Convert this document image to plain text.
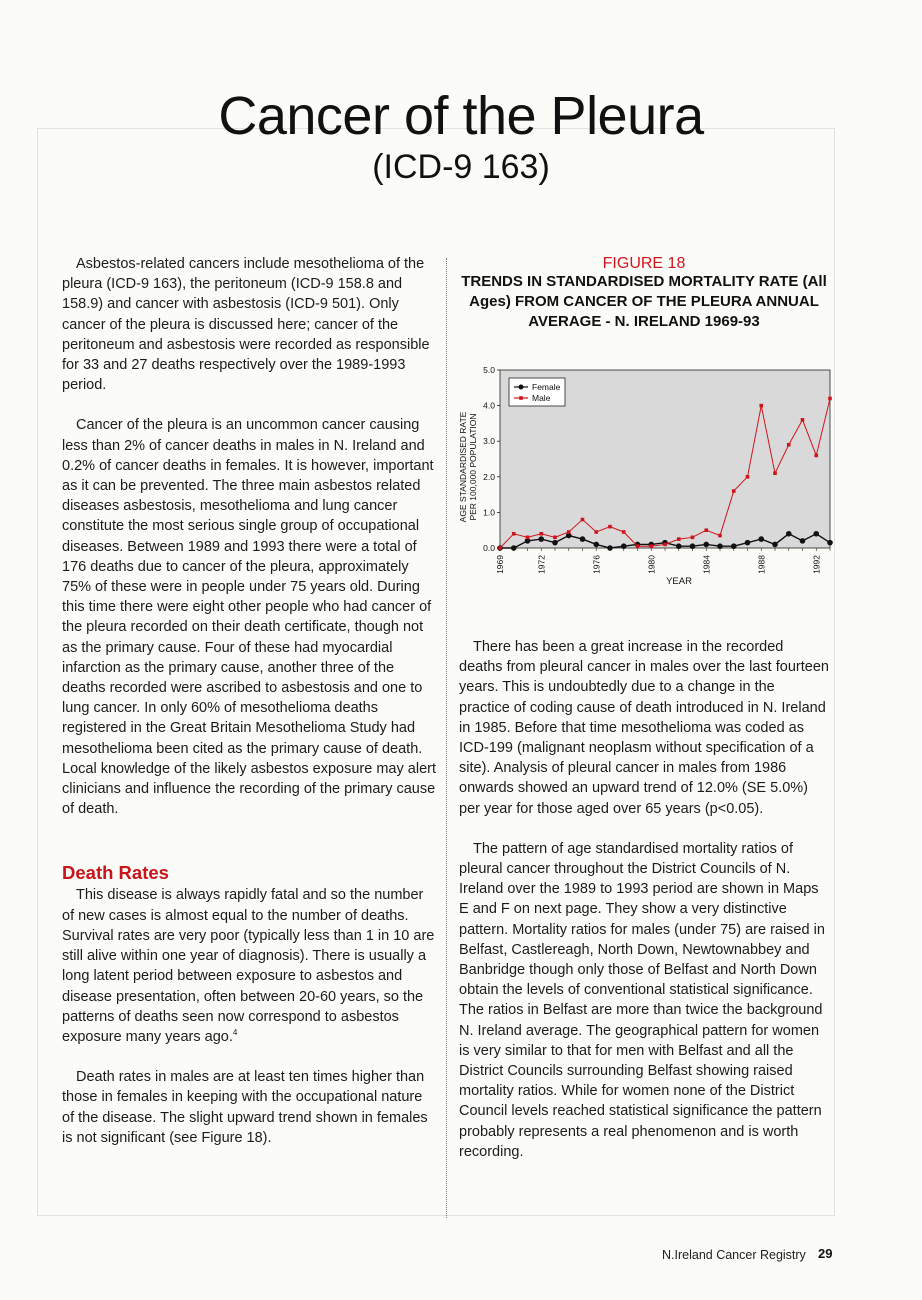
Cancer of the Pleura
(ICD-9 163)

Asbestos-related cancers include mesothelioma of the pleura (ICD-9 163), the peritoneum (ICD-9 158.8 and 158.9) and cancer with asbestosis (ICD-9 501). Only cancer of the pleura is discussed here; cancer of the peritoneum and asbestosis were recorded as responsible for 33 and 27 deaths respectively over the 1989-1993 period.

Cancer of the pleura is an uncommon cancer causing less than 2% of cancer deaths in males in N. Ireland and 0.2% of cancer deaths in females. It is however, important as it can be prevented. The three main asbestos related diseases asbestosis, mesothelioma and lung cancer constitute the most serious single group of occupational diseases. Between 1989 and 1993 there were a total of 176 deaths due to cancer of the pleura, approximately 75% of these were in people under 75 years old. During this time there were eight other people who had cancer of the pleura recorded on their death certificate, though not as the primary cause. Four of these had myocardial infarction as the primary cause, another three of the deaths recorded were ascribed to asbestosis and one to lung cancer. In only 60% of mesothelioma deaths registered in the Great Britain Mesothelioma Study had mesothelioma been cited as the primary cause of death. Local knowledge of the likely asbestos exposure may alert clinicians and influence the recording of the primary cause of death.

Death Rates

This disease is always rapidly fatal and so the number of new cases is almost equal to the number of deaths. Survival rates are very poor (typically less than 1 in 10 are still alive within one year of diagnosis). There is usually a long latent period between exposure to asbestos and disease presentation, often between 20-60 years, so the patterns of deaths seen now correspond to asbestos exposure many years ago.$^4$

Death rates in males are at least ten times higher than those in females in keeping with the occupational nature of the disease. The slight upward trend shown in females is not significant (see Figure 18).

FIGURE 18
TRENDS IN STANDARDISED MORTALITY RATE (All Ages) FROM CANCER OF THE PLEURA ANNUAL AVERAGE - N. IRELAND 1969-93
0.0
1.0
2.0
3.0
4.0
5.0
1969	1972	1976	1980	1984	1988	1992
YEAR
AGE STANDARDISED RATE PER 100,000 POPULATION
Female
Male

There has been a great increase in the recorded deaths from pleural cancer in males over the last fourteen years. This is undoubtedly due to a change in the practice of coding cause of death introduced in N. Ireland in 1985. Before that time mesothelioma was coded as ICD-199 (malignant neoplasm without specification of a site). Analysis of pleural cancer in males from 1986 onwards showed an upward trend of 12.0% (SE 5.0%) per year for those aged over 65 years (p<0.05).

The pattern of age standardised mortality ratios of pleural cancer throughout the District Councils of N. Ireland over the 1989 to 1993 period are shown in Maps E and F on next page. They show a very distinctive pattern. Mortality ratios for males (under 75) are raised in Belfast, Castlereagh, North Down, Newtownabbey and Banbridge though only those of Belfast and North Down obtain the levels of conventional statistical significance. The ratios in Belfast are more than twice the background N. Ireland average. The geographical pattern for women is very similar to that for men with Belfast and all the District Councils surrounding Belfast showing raised mortality ratios. While for women none of the District Council levels reached statistical significance the pattern probably represents a real phenomenon and is worth recording.

N.Ireland Cancer Registry 29
